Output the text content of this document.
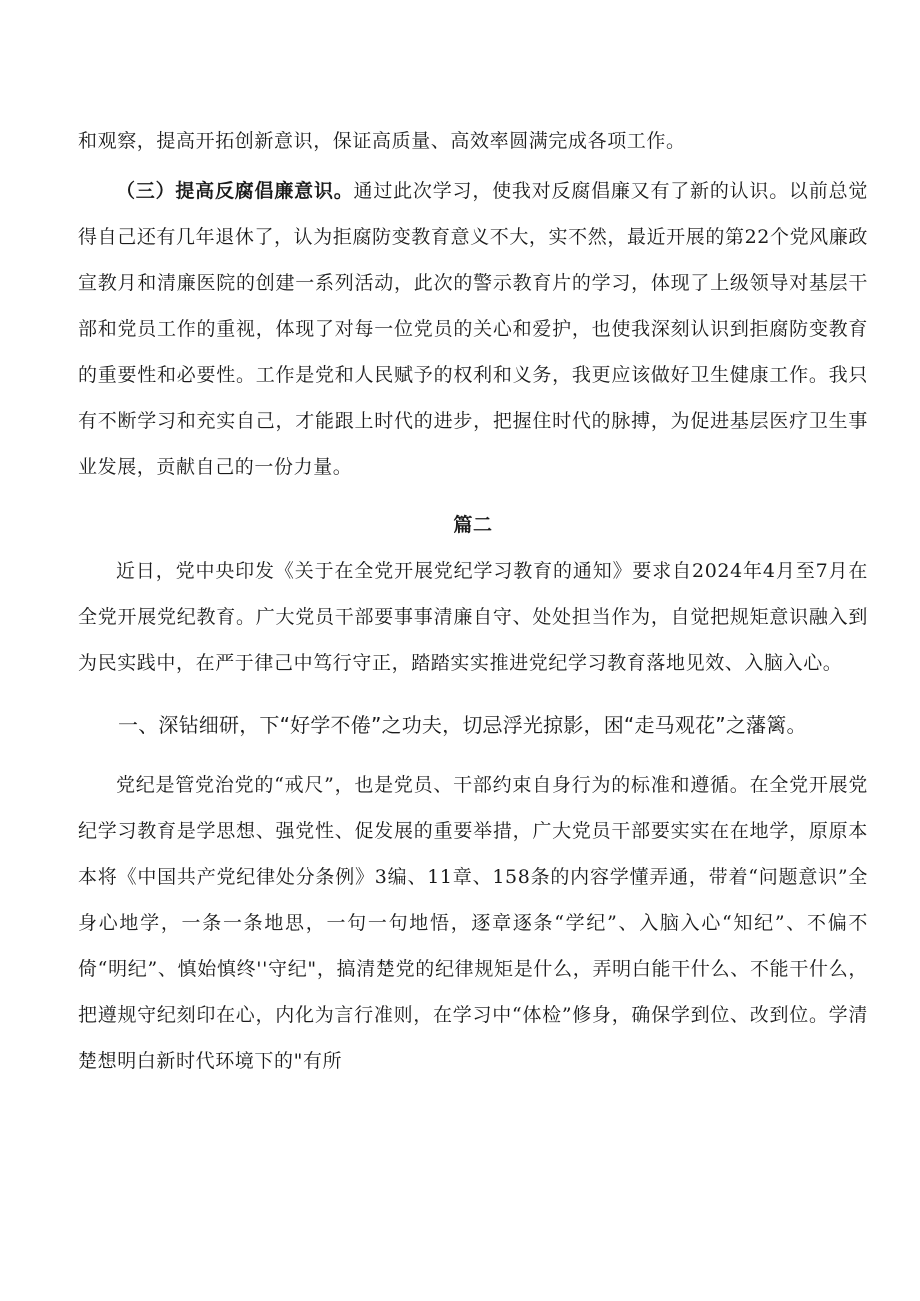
和观察，提高开拓创新意识，保证高质量、高效率圆满完成各项工作。

（三）提高反腐倡廉意识。通过此次学习，使我对反腐倡廉又有了新的认识。以前总觉得自己还有几年退休了，认为拒腐防变教育意义不大，实不然，最近开展的第22个党风廉政宣教月和清廉医院的创建一系列活动，此次的警示教育片的学习，体现了上级领导对基层干部和党员工作的重视，体现了对每一位党员的关心和爱护，也使我深刻认识到拒腐防变教育的重要性和必要性。工作是党和人民赋予的权利和义务，我更应该做好卫生健康工作。我只有不断学习和充实自己，才能跟上时代的进步，把握住时代的脉搏，为促进基层医疗卫生事业发展，贡献自己的一份力量。

篇二

近日，党中央印发《关于在全党开展党纪学习教育的通知》要求自2024年4月至7月在全党开展党纪教育。广大党员干部要事事清廉自守、处处担当作为，自觉把规矩意识融入到为民实践中，在严于律己中笃行守正，踏踏实实推进党纪学习教育落地见效、入脑入心。

一、深钻细研，下“好学不倦”之功夫，切忌浮光掠影，困“走马观花”之藩篱。

党纪是管党治党的“戒尺”，也是党员、干部约束自身行为的标准和遵循。在全党开展党纪学习教育是学思想、强党性、促发展的重要举措，广大党员干部要实实在在地学，原原本本将《中国共产党纪律处分条例》3编、11章、158条的内容学懂弄通，带着“问题意识”全身心地学，一条一条地思，一句一句地悟，逐章逐条“学纪”、入脑入心“知纪”、不偏不倚“明纪”、慎始慎终''守纪"，搞清楚党的纪律规矩是什么，弄明白能干什么、不能干什么，把遵规守纪刻印在心，内化为言行准则，在学习中“体检”修身，确保学到位、改到位。学清楚想明白新时代环境下的"有所
